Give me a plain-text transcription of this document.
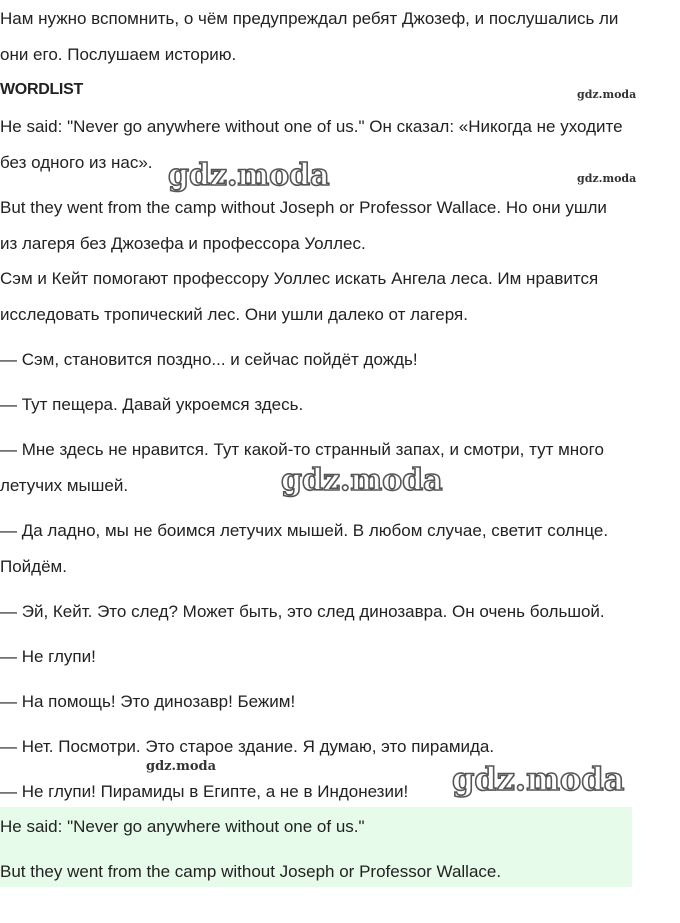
gdz.moda
gdz.moda
gdz.moda
gdz.moda
gdz.moda
gdz.moda
Нам нужно вспомнить, о чём предупреждал ребят Джозеф, и послушались ли
они его. Послушаем историю.
WORDLIST
He said: "Never go anywhere without one of us." Он сказал: «Никогда не уходите
без одного из нас».
But they went from the camp without Joseph or Professor Wallace. Но они ушли
из лагеря без Джозефа и профессора Уоллес.
Сэм и Кейт помогают профессору Уоллес искать Ангела леса. Им нравится
исследовать тропический лес. Они ушли далеко от лагеря.
— Сэм, становится поздно... и сейчас пойдёт дождь!
— Тут пещера. Давай укроемся здесь.
— Мне здесь не нравится. Тут какой-то странный запах, и смотри, тут много
летучих мышей.
— Да ладно, мы не боимся летучих мышей. В любом случае, светит солнце.
Пойдём.
— Эй, Кейт. Это след? Может быть, это след динозавра. Он очень большой.
— Не глупи!
— На помощь! Это динозавр! Бежим!
— Нет. Посмотри. Это старое здание. Я думаю, это пирамида.
— Не глупи! Пирамиды в Египте, а не в Индонезии!
He said: "Never go anywhere without one of us."
But they went from the camp without Joseph or Professor Wallace.
